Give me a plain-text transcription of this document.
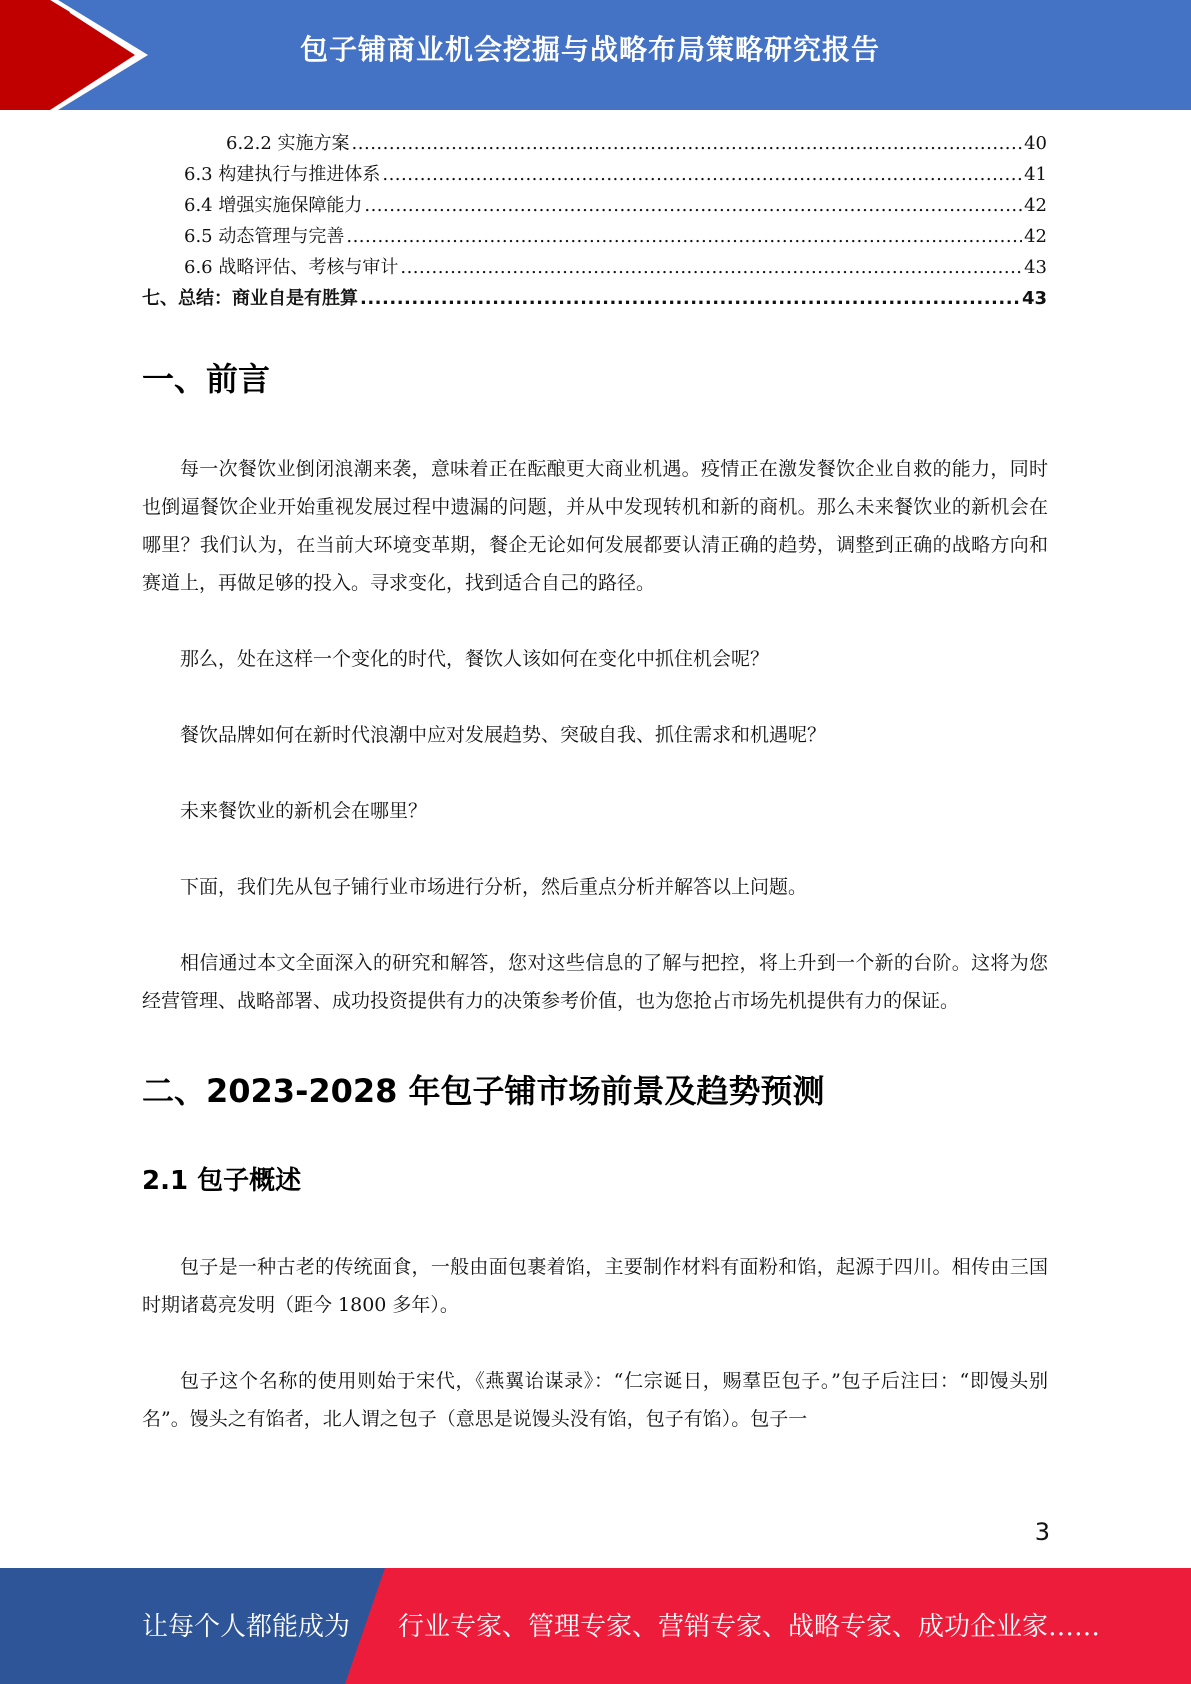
包子铺商业机会挖掘与战略布局策略研究报告
6.2.2 实施方案 .....	40
6.3 构建执行与推进体系 .....	41
6.4 增强实施保障能力 .....	42
6.5 动态管理与完善 .....	42
6.6 战略评估、考核与审计 .....	43
七、总结：商业自是有胜算 .....	43
一、前言

每一次餐饮业倒闭浪潮来袭，意味着正在酝酿更大商业机遇。疫情正在激发餐饮企业自救的能力，同时也倒逼餐饮企业开始重视发展过程中遗漏的问题，并从中发现转机和新的商机。那么未来餐饮业的新机会在哪里？我们认为，在当前大环境变革期，餐企无论如何发展都要认清正确的趋势，调整到正确的战略方向和赛道上，再做足够的投入。寻求变化，找到适合自己的路径。

那么，处在这样一个变化的时代，餐饮人该如何在变化中抓住机会呢？

餐饮品牌如何在新时代浪潮中应对发展趋势、突破自我、抓住需求和机遇呢？

未来餐饮业的新机会在哪里？

下面，我们先从包子铺行业市场进行分析，然后重点分析并解答以上问题。

相信通过本文全面深入的研究和解答，您对这些信息的了解与把控，将上升到一个新的台阶。这将为您经营管理、战略部署、成功投资提供有力的决策参考价值，也为您抢占市场先机提供有力的保证。

二、2023-2028 年包子铺市场前景及趋势预测
2.1 包子概述

包子是一种古老的传统面食，一般由面包裹着馅，主要制作材料有面粉和馅，起源于四川。相传由三国时期诸葛亮发明（距今 1800 多年）。

包子这个名称的使用则始于宋代，《燕翼诒谋录》：“仁宗诞日，赐羣臣包子。”包子后注曰：“即馒头别名”。馒头之有馅者，北人谓之包子（意思是说馒头没有馅，包子有馅）。包子一

3
让每个人都能成为 行业专家、管理专家、营销专家、战略专家、成功企业家……
